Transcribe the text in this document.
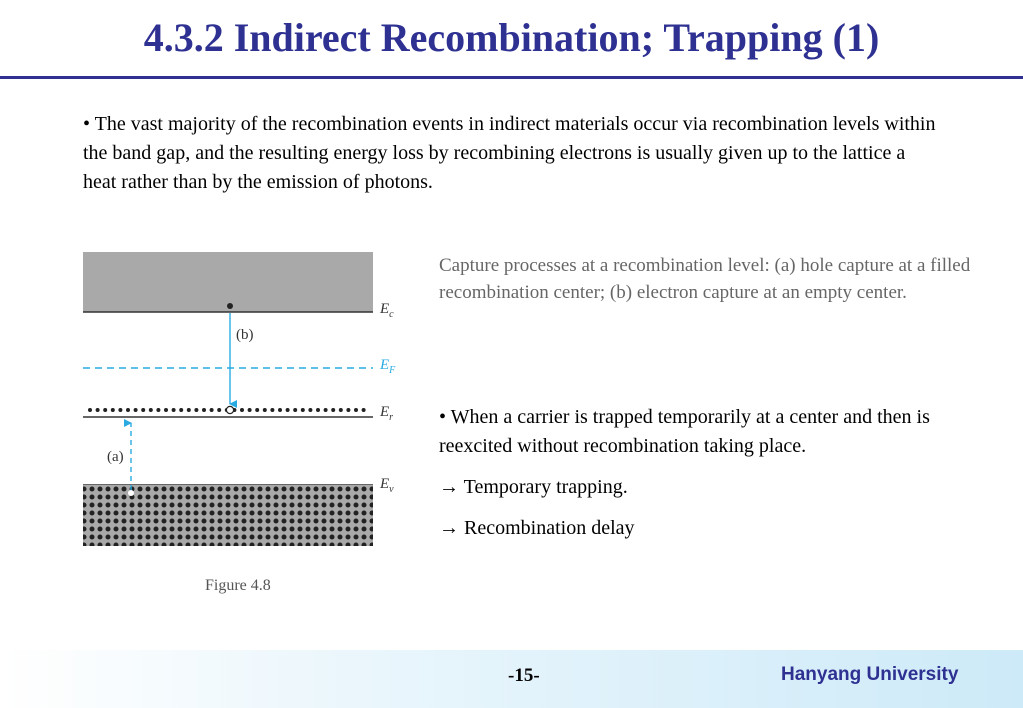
4.3.2 Indirect Recombination; Trapping (1)
• The vast majority of the recombination events in indirect materials occur via recombination levels within the band gap, and the resulting energy loss by recombining electrons is usually given up to the lattice a heat rather than by the emission of photons.
(b)
(a)
$E_c$
$E_F$
$E_r$
$E_v$
Figure 4.8
Capture processes at a recombination level: (a) hole capture at a filled recombination center; (b) electron capture at an empty center.
• When a carrier is trapped temporarily at a center and then is reexcited without recombination taking place.
→ Temporary trapping.
→ Recombination delay
-15-	Hanyang University
